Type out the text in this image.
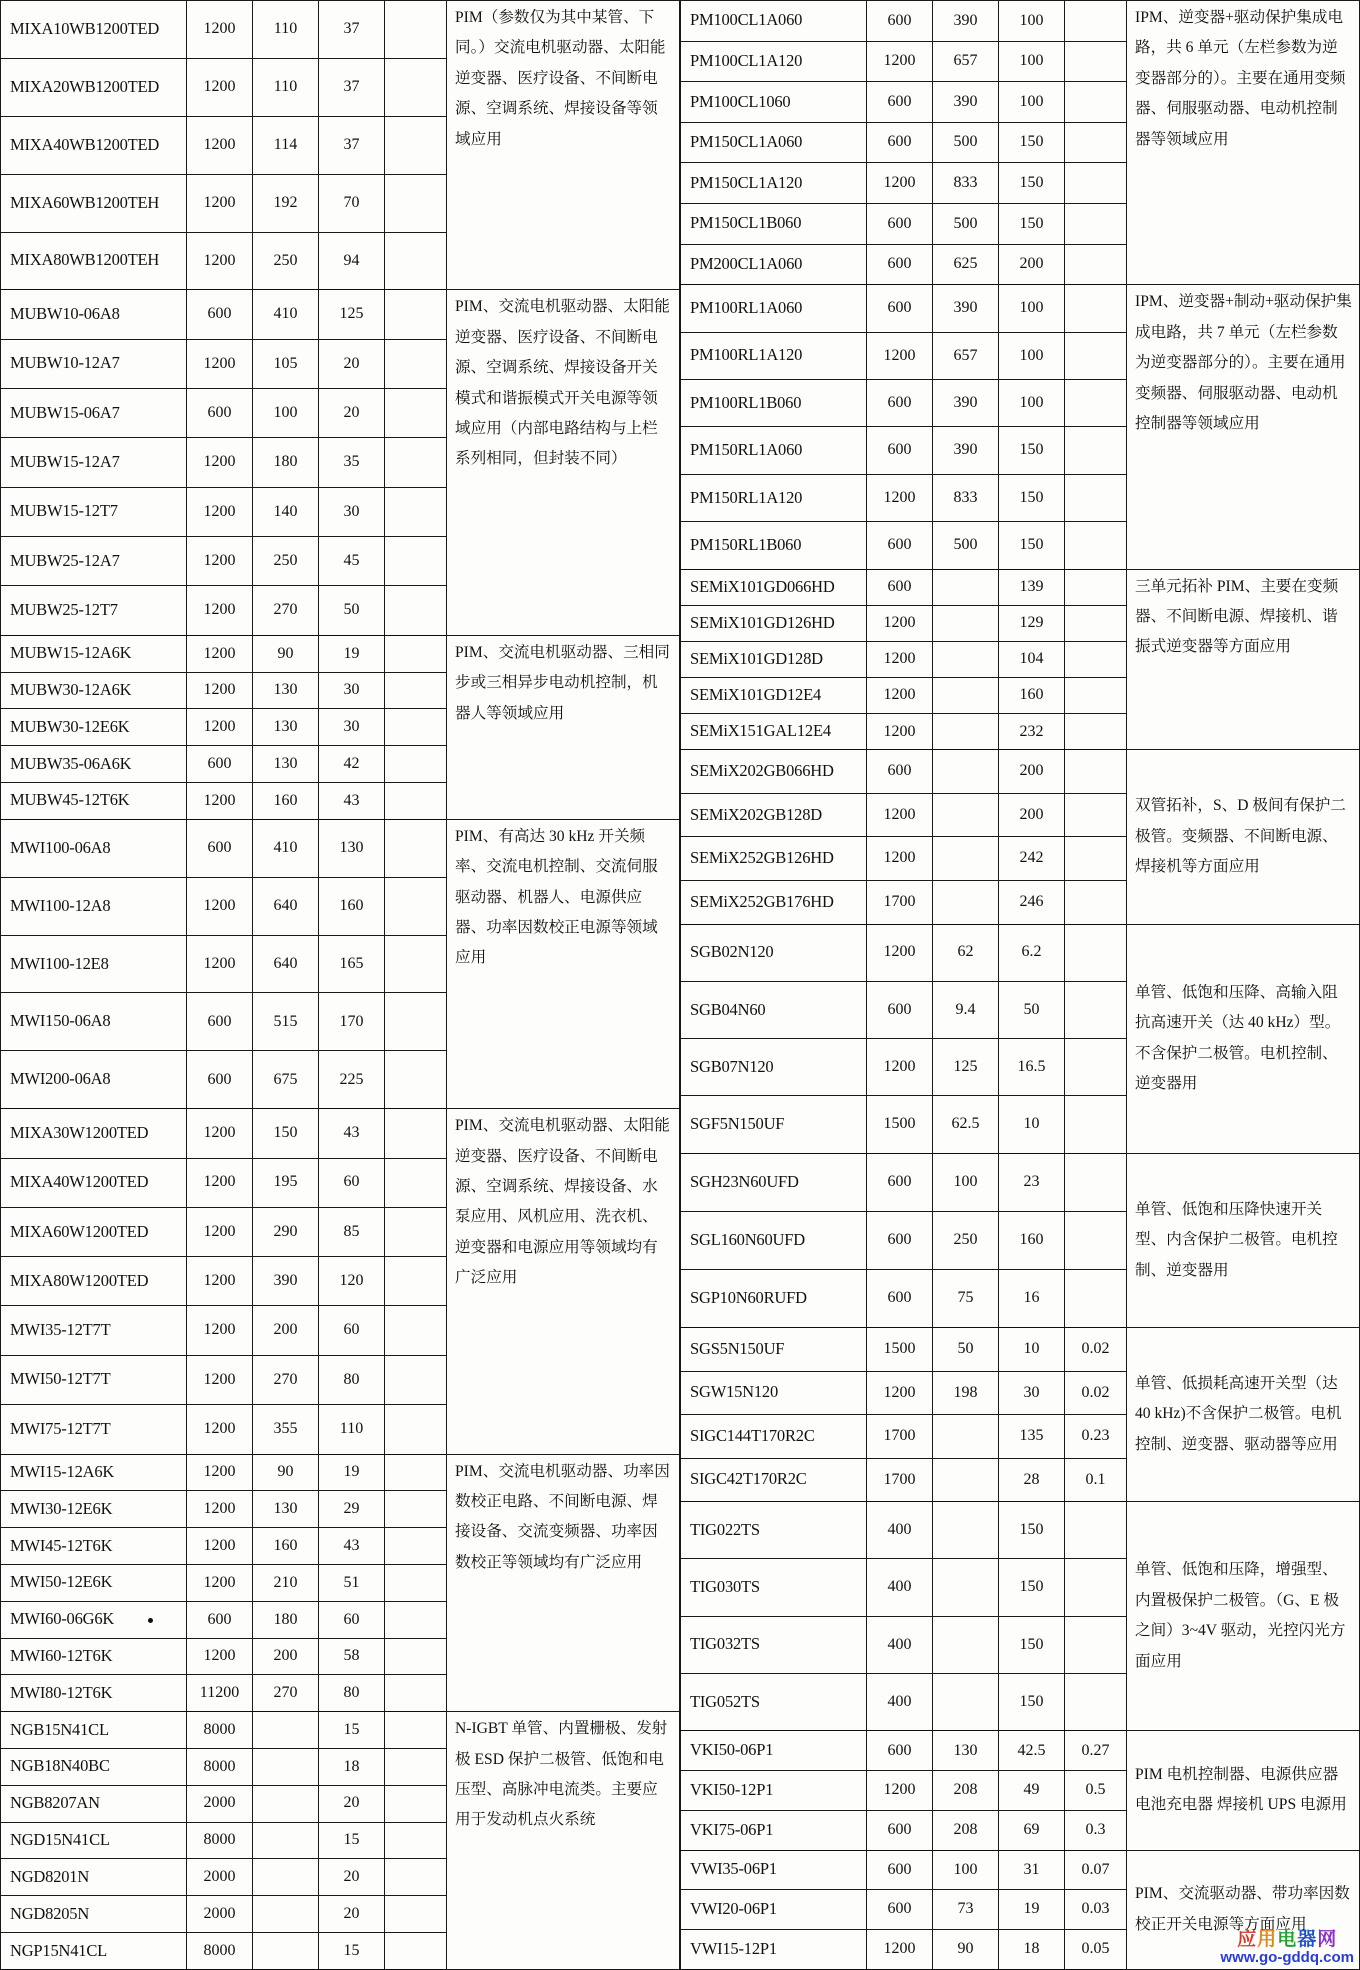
MIXA10WB1200TED	1200	110	37		PIM（参数仅为其中某管、下同。）交流电机驱动器、太阳能逆变器、医疗设备、不间断电源、空调系统、焊接设备等领域应用
MIXA20WB1200TED	1200	110	37		
MIXA40WB1200TED	1200	114	37		
MIXA60WB1200TEH	1200	192	70		
MIXA80WB1200TEH	1200	250	94		
MUBW10-06A8	600	410	125		PIM、交流电机驱动器、太阳能逆变器、医疗设备、不间断电源、空调系统、焊接设备开关模式和谐振模式开关电源等领域应用（内部电路结构与上栏系列相同，但封装不同）
MUBW10-12A7	1200	105	20		
MUBW15-06A7	600	100	20		
MUBW15-12A7	1200	180	35		
MUBW15-12T7	1200	140	30		
MUBW25-12A7	1200	250	45		
MUBW25-12T7	1200	270	50		
MUBW15-12A6K	1200	90	19		PIM、交流电机驱动器、三相同步或三相异步电动机控制，机器人等领域应用
MUBW30-12A6K	1200	130	30		
MUBW30-12E6K	1200	130	30		
MUBW35-06A6K	600	130	42		
MUBW45-12T6K	1200	160	43		
MWI100-06A8	600	410	130		PIM、有高达 30 kHz 开关频率、交流电机控制、交流伺服驱动器、机器人、电源供应器、功率因数校正电源等领域应用
MWI100-12A8	1200	640	160		
MWI100-12E8	1200	640	165		
MWI150-06A8	600	515	170		
MWI200-06A8	600	675	225		
MIXA30W1200TED	1200	150	43		PIM、交流电机驱动器、太阳能逆变器、医疗设备、不间断电源、空调系统、焊接设备、水泵应用、风机应用、洗衣机、逆变器和电源应用等领域均有广泛应用
MIXA40W1200TED	1200	195	60		
MIXA60W1200TED	1200	290	85		
MIXA80W1200TED	1200	390	120		
MWI35-12T7T	1200	200	60		
MWI50-12T7T	1200	270	80		
MWI75-12T7T	1200	355	110		
MWI15-12A6K	1200	90	19		PIM、交流电机驱动器、功率因数校正电路、不间断电源、焊接设备、交流变频器、功率因数校正等领域均有广泛应用
MWI30-12E6K	1200	130	29		
MWI45-12T6K	1200	160	43		
MWI50-12E6K	1200	210	51		
MWI60-06G6K	600	180	60		
MWI60-12T6K	1200	200	58		
MWI80-12T6K	11200	270	80		
NGB15N41CL	8000		15		N-IGBT 单管、内置栅极、发射极 ESD 保护二极管、低饱和电压型、高脉冲电流类。主要应用于发动机点火系统
NGB18N40BC	8000		18		
NGB8207AN	2000		20		
NGD15N41CL	8000		15		
NGD8201N	2000		20		
NGD8205N	2000		20		
NGP15N41CL	8000		15		
PM100CL1A060	600	390	100		IPM、逆变器+驱动保护集成电路，共 6 单元（左栏参数为逆变器部分的）。主要在通用变频器、伺服驱动器、电动机控制器等领域应用
PM100CL1A120	1200	657	100		
PM100CL1060	600	390	100		
PM150CL1A060	600	500	150		
PM150CL1A120	1200	833	150		
PM150CL1B060	600	500	150		
PM200CL1A060	600	625	200		
PM100RL1A060	600	390	100		IPM、逆变器+制动+驱动保护集成电路，共 7 单元（左栏参数为逆变器部分的）。主要在通用变频器、伺服驱动器、电动机控制器等领域应用
PM100RL1A120	1200	657	100		
PM100RL1B060	600	390	100		
PM150RL1A060	600	390	150		
PM150RL1A120	1200	833	150		
PM150RL1B060	600	500	150		
SEMiX101GD066HD	600		139		三单元拓补 PIM、主要在变频器、不间断电源、焊接机、谐振式逆变器等方面应用
SEMiX101GD126HD	1200		129		
SEMiX101GD128D	1200		104		
SEMiX101GD12E4	1200		160		
SEMiX151GAL12E4	1200		232		
SEMiX202GB066HD	600		200		双管拓补，S、D 极间有保护二极管。变频器、不间断电源、焊接机等方面应用
SEMiX202GB128D	1200		200		
SEMiX252GB126HD	1200		242		
SEMiX252GB176HD	1700		246		
SGB02N120	1200	62	6.2		单管、低饱和压降、高输入阻抗高速开关（达 40 kHz）型。不含保护二极管。电机控制、逆变器用
SGB04N60	600	9.4	50		
SGB07N120	1200	125	16.5		
SGF5N150UF	1500	62.5	10		
SGH23N60UFD	600	100	23		单管、低饱和压降快速开关型、内含保护二极管。电机控制、逆变器用
SGL160N60UFD	600	250	160		
SGP10N60RUFD	600	75	16		
SGS5N150UF	1500	50	10	0.02	单管、低损耗高速开关型（达 40 kHz)不含保护二极管。电机控制、逆变器、驱动器等应用
SGW15N120	1200	198	30	0.02	
SIGC144T170R2C	1700		135	0.23	
SIGC42T170R2C	1700		28	0.1	
TIG022TS	400		150		单管、低饱和压降，增强型、内置极保护二极管。（G、E 极之间）3~4V 驱动，光控闪光方面应用
TIG030TS	400		150		
TIG032TS	400		150		
TIG052TS	400		150		
VKI50-06P1	600	130	42.5	0.27	PIM 电机控制器、电源供应器电池充电器 焊接机 UPS 电源用
VKI50-12P1	1200	208	49	0.5	
VKI75-06P1	600	208	69	0.3	
VWI35-06P1	600	100	31	0.07	PIM、交流驱动器、带功率因数校正开关电源等方面应用
VWI20-06P1	600	73	19	0.03	
VWI15-12P1	1200	90	18	0.05		应用电器网
www.go-gddq.com
